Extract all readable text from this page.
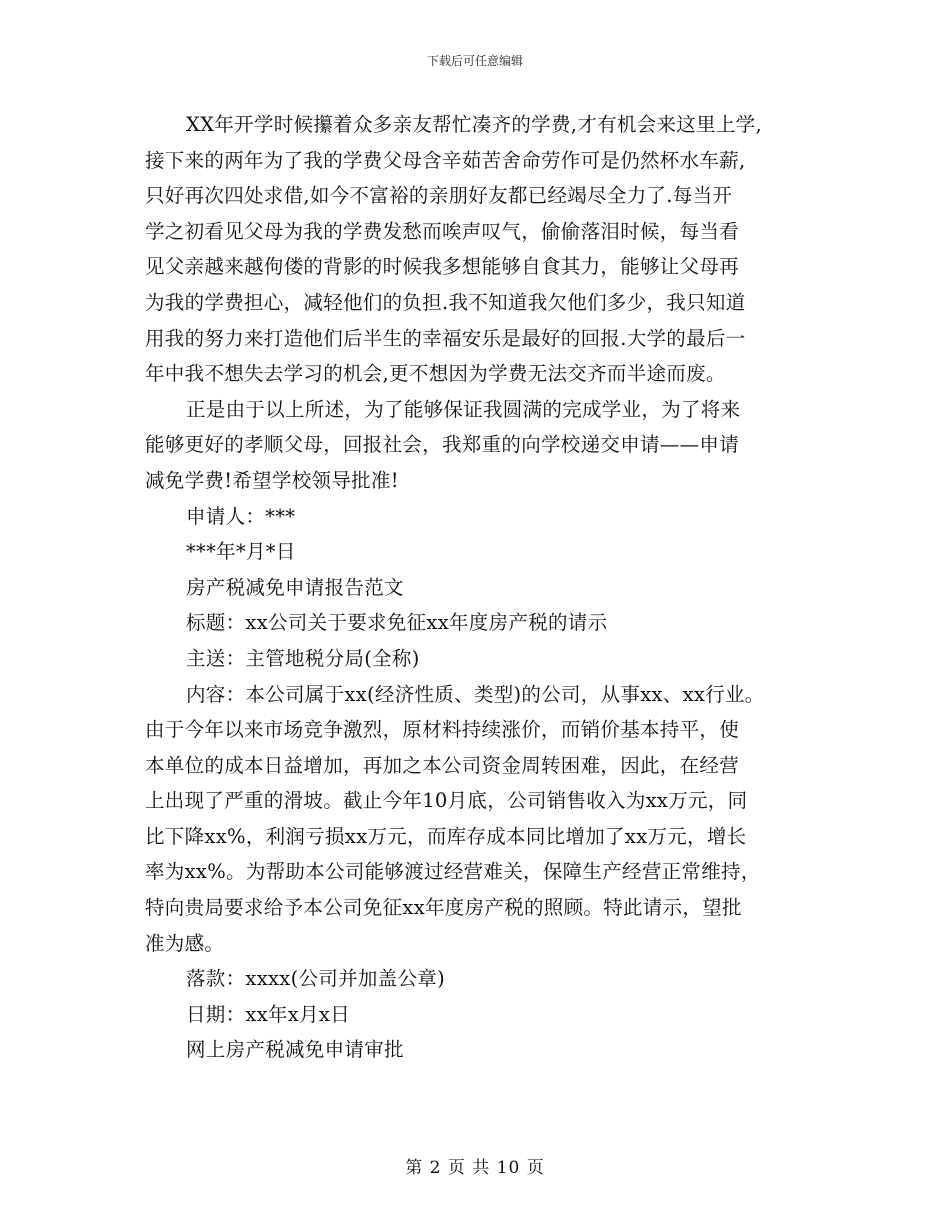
下载后可任意编辑
XX年开学时候攥着众多亲友帮忙凑齐的学费,才有机会来这里上学,
接下来的两年为了我的学费父母含辛茹苦舍命劳作可是仍然杯水车薪,
只好再次四处求借,如今不富裕的亲朋好友都已经竭尽全力了.每当开
学之初看见父母为我的学费发愁而唉声叹气，偷偷落泪时候，每当看
见父亲越来越佝偻的背影的时候我多想能够自食其力，能够让父母再
为我的学费担心，减轻他们的负担.我不知道我欠他们多少，我只知道
用我的努力来打造他们后半生的幸福安乐是最好的回报.大学的最后一
年中我不想失去学习的机会,更不想因为学费无法交齐而半途而废。
正是由于以上所述，为了能够保证我圆满的完成学业，为了将来
能够更好的孝顺父母，回报社会，我郑重的向学校递交申请——申请
减免学费!希望学校领导批准!
申请人：***
***年*月*日
房产税减免申请报告范文
标题：xx公司关于要求免征xx年度房产税的请示
主送：主管地税分局(全称)
内容：本公司属于xx(经济性质、类型)的公司，从事xx、xx行业。
由于今年以来市场竞争激烈，原材料持续涨价，而销价基本持平，使
本单位的成本日益增加，再加之本公司资金周转困难，因此，在经营
上出现了严重的滑坡。截止今年10月底，公司销售收入为xx万元，同
比下降xx%，利润亏损xx万元，而库存成本同比增加了xx万元，增长
率为xx%。为帮助本公司能够渡过经营难关，保障生产经营正常维持，
特向贵局要求给予本公司免征xx年度房产税的照顾。特此请示，望批
准为感。
落款：xxxx(公司并加盖公章)
日期：xx年x月x日
网上房产税减免申请审批
第 2 页 共 10 页
